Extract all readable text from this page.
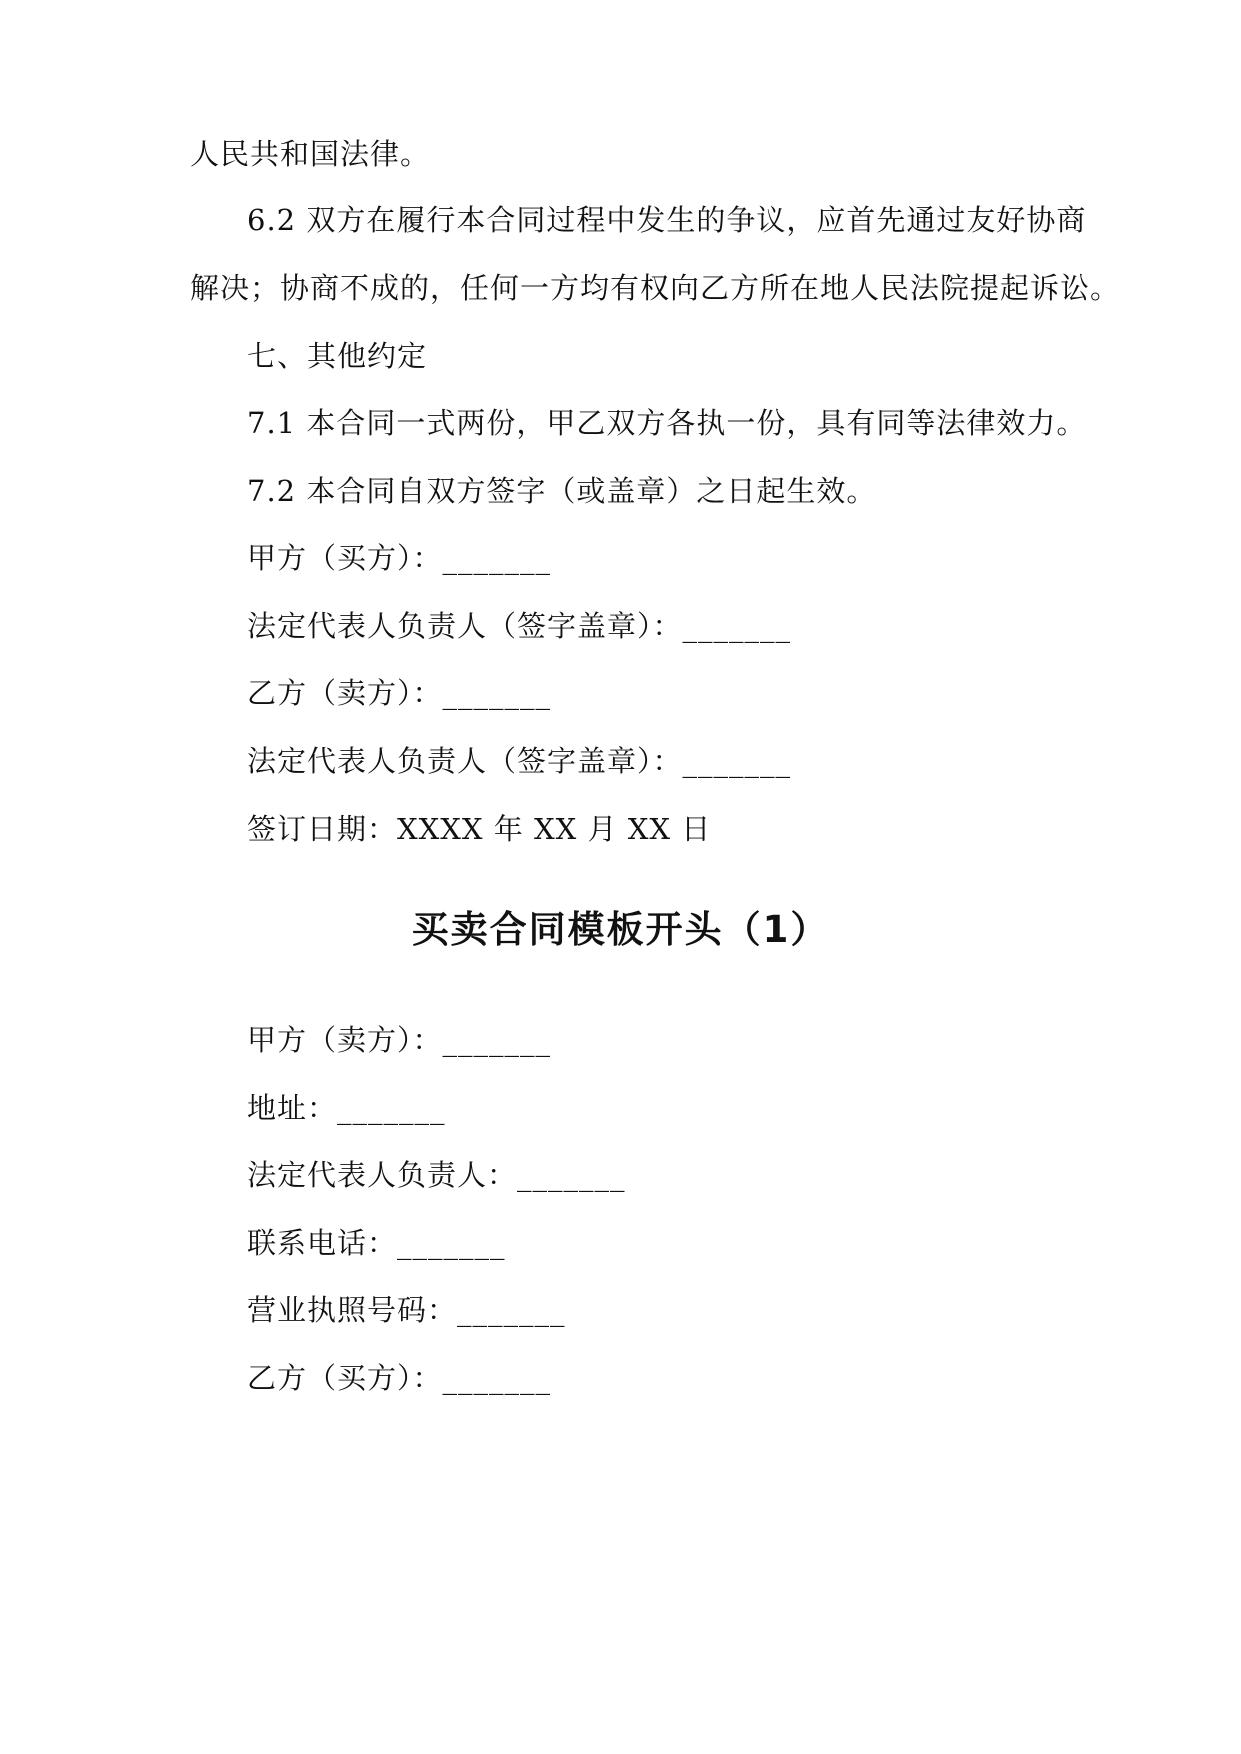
人民共和国法律。
6.2 双方在履行本合同过程中发生的争议，应首先通过友好协商
解决；协商不成的，任何一方均有权向乙方所在地人民法院提起诉讼。
七、其他约定
7.1 本合同一式两份，甲乙双方各执一份，具有同等法律效力。
7.2 本合同自双方签字（或盖章）之日起生效。
甲方（买方）：_______
法定代表人负责人（签字盖章）：_______
乙方（卖方）：_______
法定代表人负责人（签字盖章）：_______
签订日期：XXXX 年 XX 月 XX 日
买卖合同模板开头（1）
甲方（卖方）：_______
地址：_______
法定代表人负责人：_______
联系电话：_______
营业执照号码：_______
乙方（买方）：_______
